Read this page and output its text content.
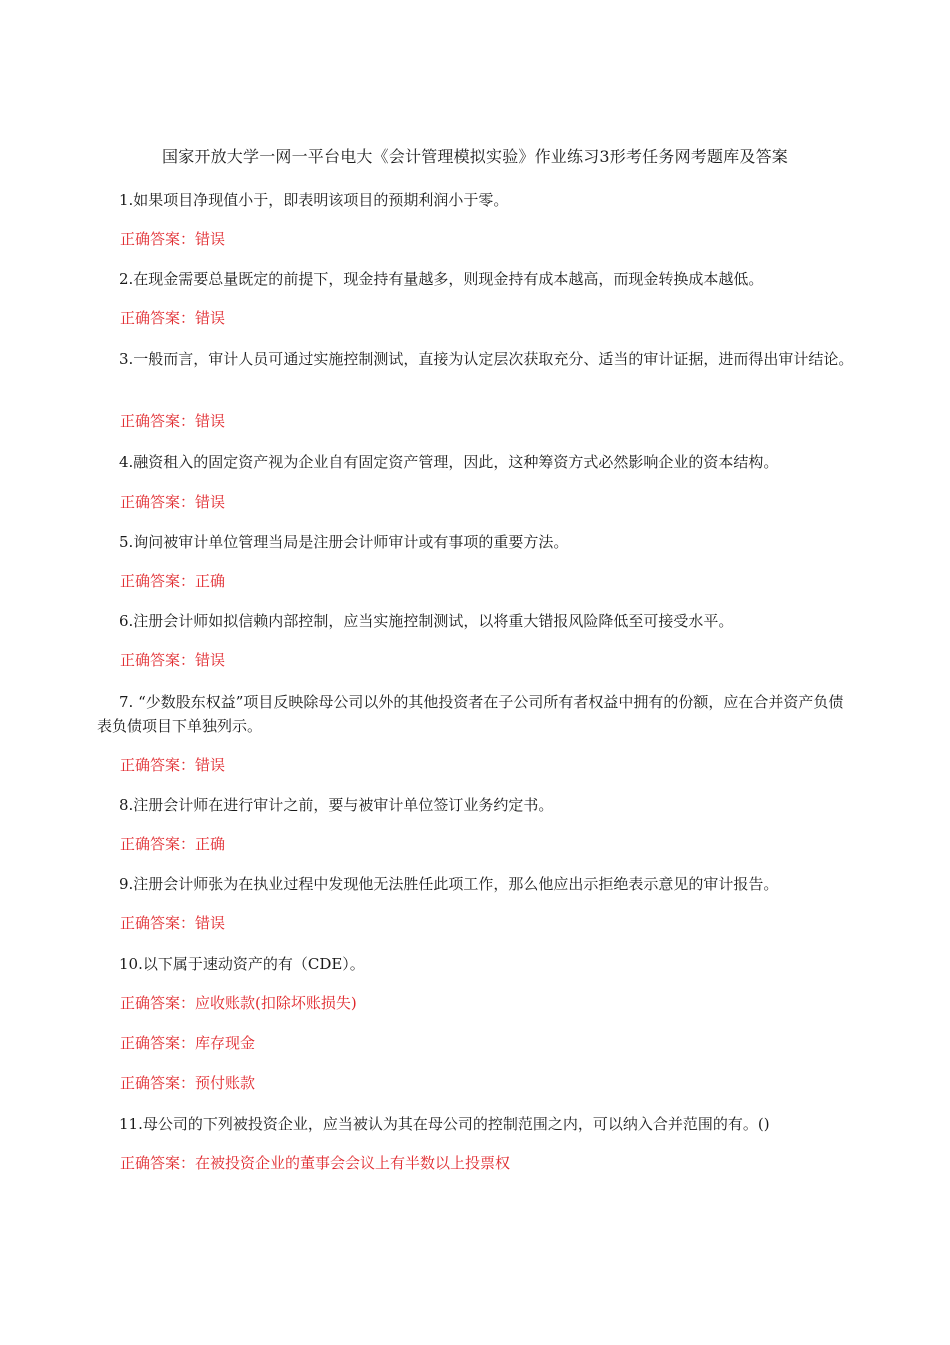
国家开放大学一网一平台电大《会计管理模拟实验》作业练习3形考任务网考题库及答案
1.如果项目净现值小于，即表明该项目的预期利润小于零。
正确答案：错误
2.在现金需要总量既定的前提下，现金持有量越多，则现金持有成本越高，而现金转换成本越低。
正确答案：错误
3.一般而言，审计人员可通过实施控制测试，直接为认定层次获取充分、适当的审计证据，进而得出审计结论。
正确答案：错误
4.融资租入的固定资产视为企业自有固定资产管理，因此，这种筹资方式必然影响企业的资本结构。
正确答案：错误
5.询问被审计单位管理当局是注册会计师审计或有事项的重要方法。
正确答案：正确
6.注册会计师如拟信赖内部控制，应当实施控制测试，以将重大错报风险降低至可接受水平。
正确答案：错误
7. “少数股东权益”项目反映除母公司以外的其他投资者在子公司所有者权益中拥有的份额，应在合并资产负债表负债项目下单独列示。
正确答案：错误
8.注册会计师在进行审计之前，要与被审计单位签订业务约定书。
正确答案：正确
9.注册会计师张为在执业过程中发现他无法胜任此项工作，那么他应出示拒绝表示意见的审计报告。
正确答案：错误
10.以下属于速动资产的有（CDE）。
正确答案：应收账款(扣除坏账损失)
正确答案：库存现金
正确答案：预付账款
11.母公司的下列被投资企业，应当被认为其在母公司的控制范围之内，可以纳入合并范围的有。()
正确答案：在被投资企业的董事会会议上有半数以上投票权
